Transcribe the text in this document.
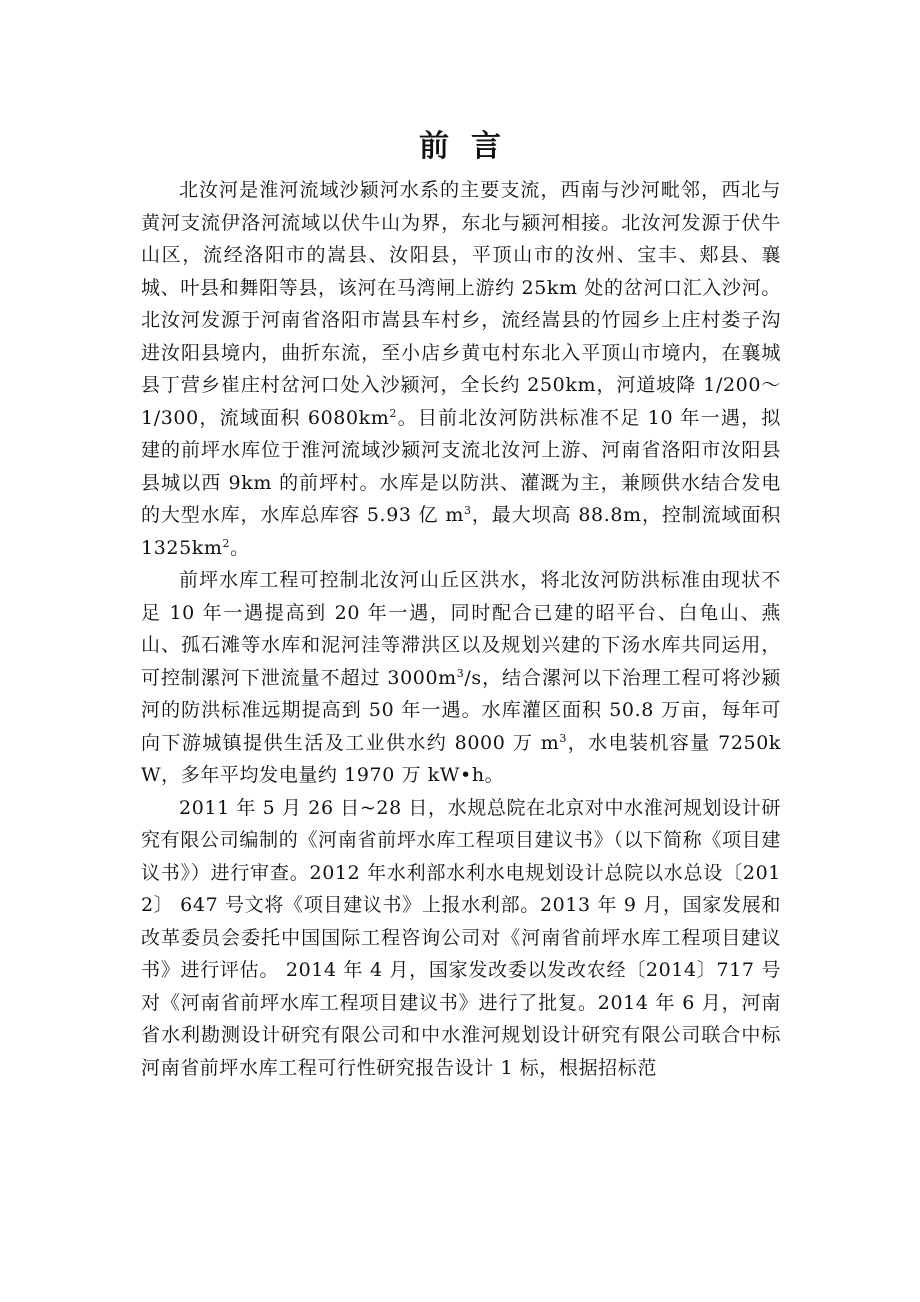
前言

北汝河是淮河流域沙颍河水系的主要支流，西南与沙河毗邻，西北与黄河支流伊洛河流域以伏牛山为界，东北与颍河相接。北汝河发源于伏牛山区，流经洛阳市的嵩县、汝阳县，平顶山市的汝州、宝丰、郏县、襄城、叶县和舞阳等县，该河在马湾闸上游约 25km 处的岔河口汇入沙河。北汝河发源于河南省洛阳市嵩县车村乡，流经嵩县的竹园乡上庄村娄子沟进汝阳县境内，曲折东流，至小店乡黄屯村东北入平顶山市境内，在襄城县丁营乡崔庄村岔河口处入沙颍河，全长约 250km，河道坡降 1/200～1/300，流域面积 $6080km^2$。目前北汝河防洪标准不足 10 年一遇，拟建的前坪水库位于淮河流域沙颍河支流北汝河上游、河南省洛阳市汝阳县县城以西 9km 的前坪村。水库是以防洪、灌溉为主，兼顾供水结合发电的大型水库，水库总库容 5.93 亿 $m^3$，最大坝高 88.8m，控制流域面积 $1325km^2$。

前坪水库工程可控制北汝河山丘区洪水，将北汝河防洪标准由现状不足 10 年一遇提高到 20 年一遇，同时配合已建的昭平台、白龟山、燕山、孤石滩等水库和泥河洼等滞洪区以及规划兴建的下汤水库共同运用，可控制漯河下泄流量不超过 $3000m^3/s$，结合漯河以下治理工程可将沙颍河的防洪标准远期提高到 50 年一遇。水库灌区面积 50.8 万亩，每年可向下游城镇提供生活及工业供水约 8000 万 $m^3$，水电装机容量 7250kW，多年平均发电量约 1970 万 kW•h。

2011 年 5 月 26 日~28 日，水规总院在北京对中水淮河规划设计研究有限公司编制的《河南省前坪水库工程项目建议书》（以下简称《项目建议书》）进行审查。2012 年水利部水利水电规划设计总院以水总设〔2012〕 647 号文将《项目建议书》上报水利部。2013 年 9 月，国家发展和改革委员会委托中国国际工程咨询公司对《河南省前坪水库工程项目建议书》进行评估。 2014 年 4 月，国家发改委以发改农经〔2014〕717 号对《河南省前坪水库工程项目建议书》进行了批复。2014 年 6 月，河南省水利勘测设计研究有限公司和中水淮河规划设计研究有限公司联合中标河南省前坪水库工程可行性研究报告设计 1 标，根据招标范
